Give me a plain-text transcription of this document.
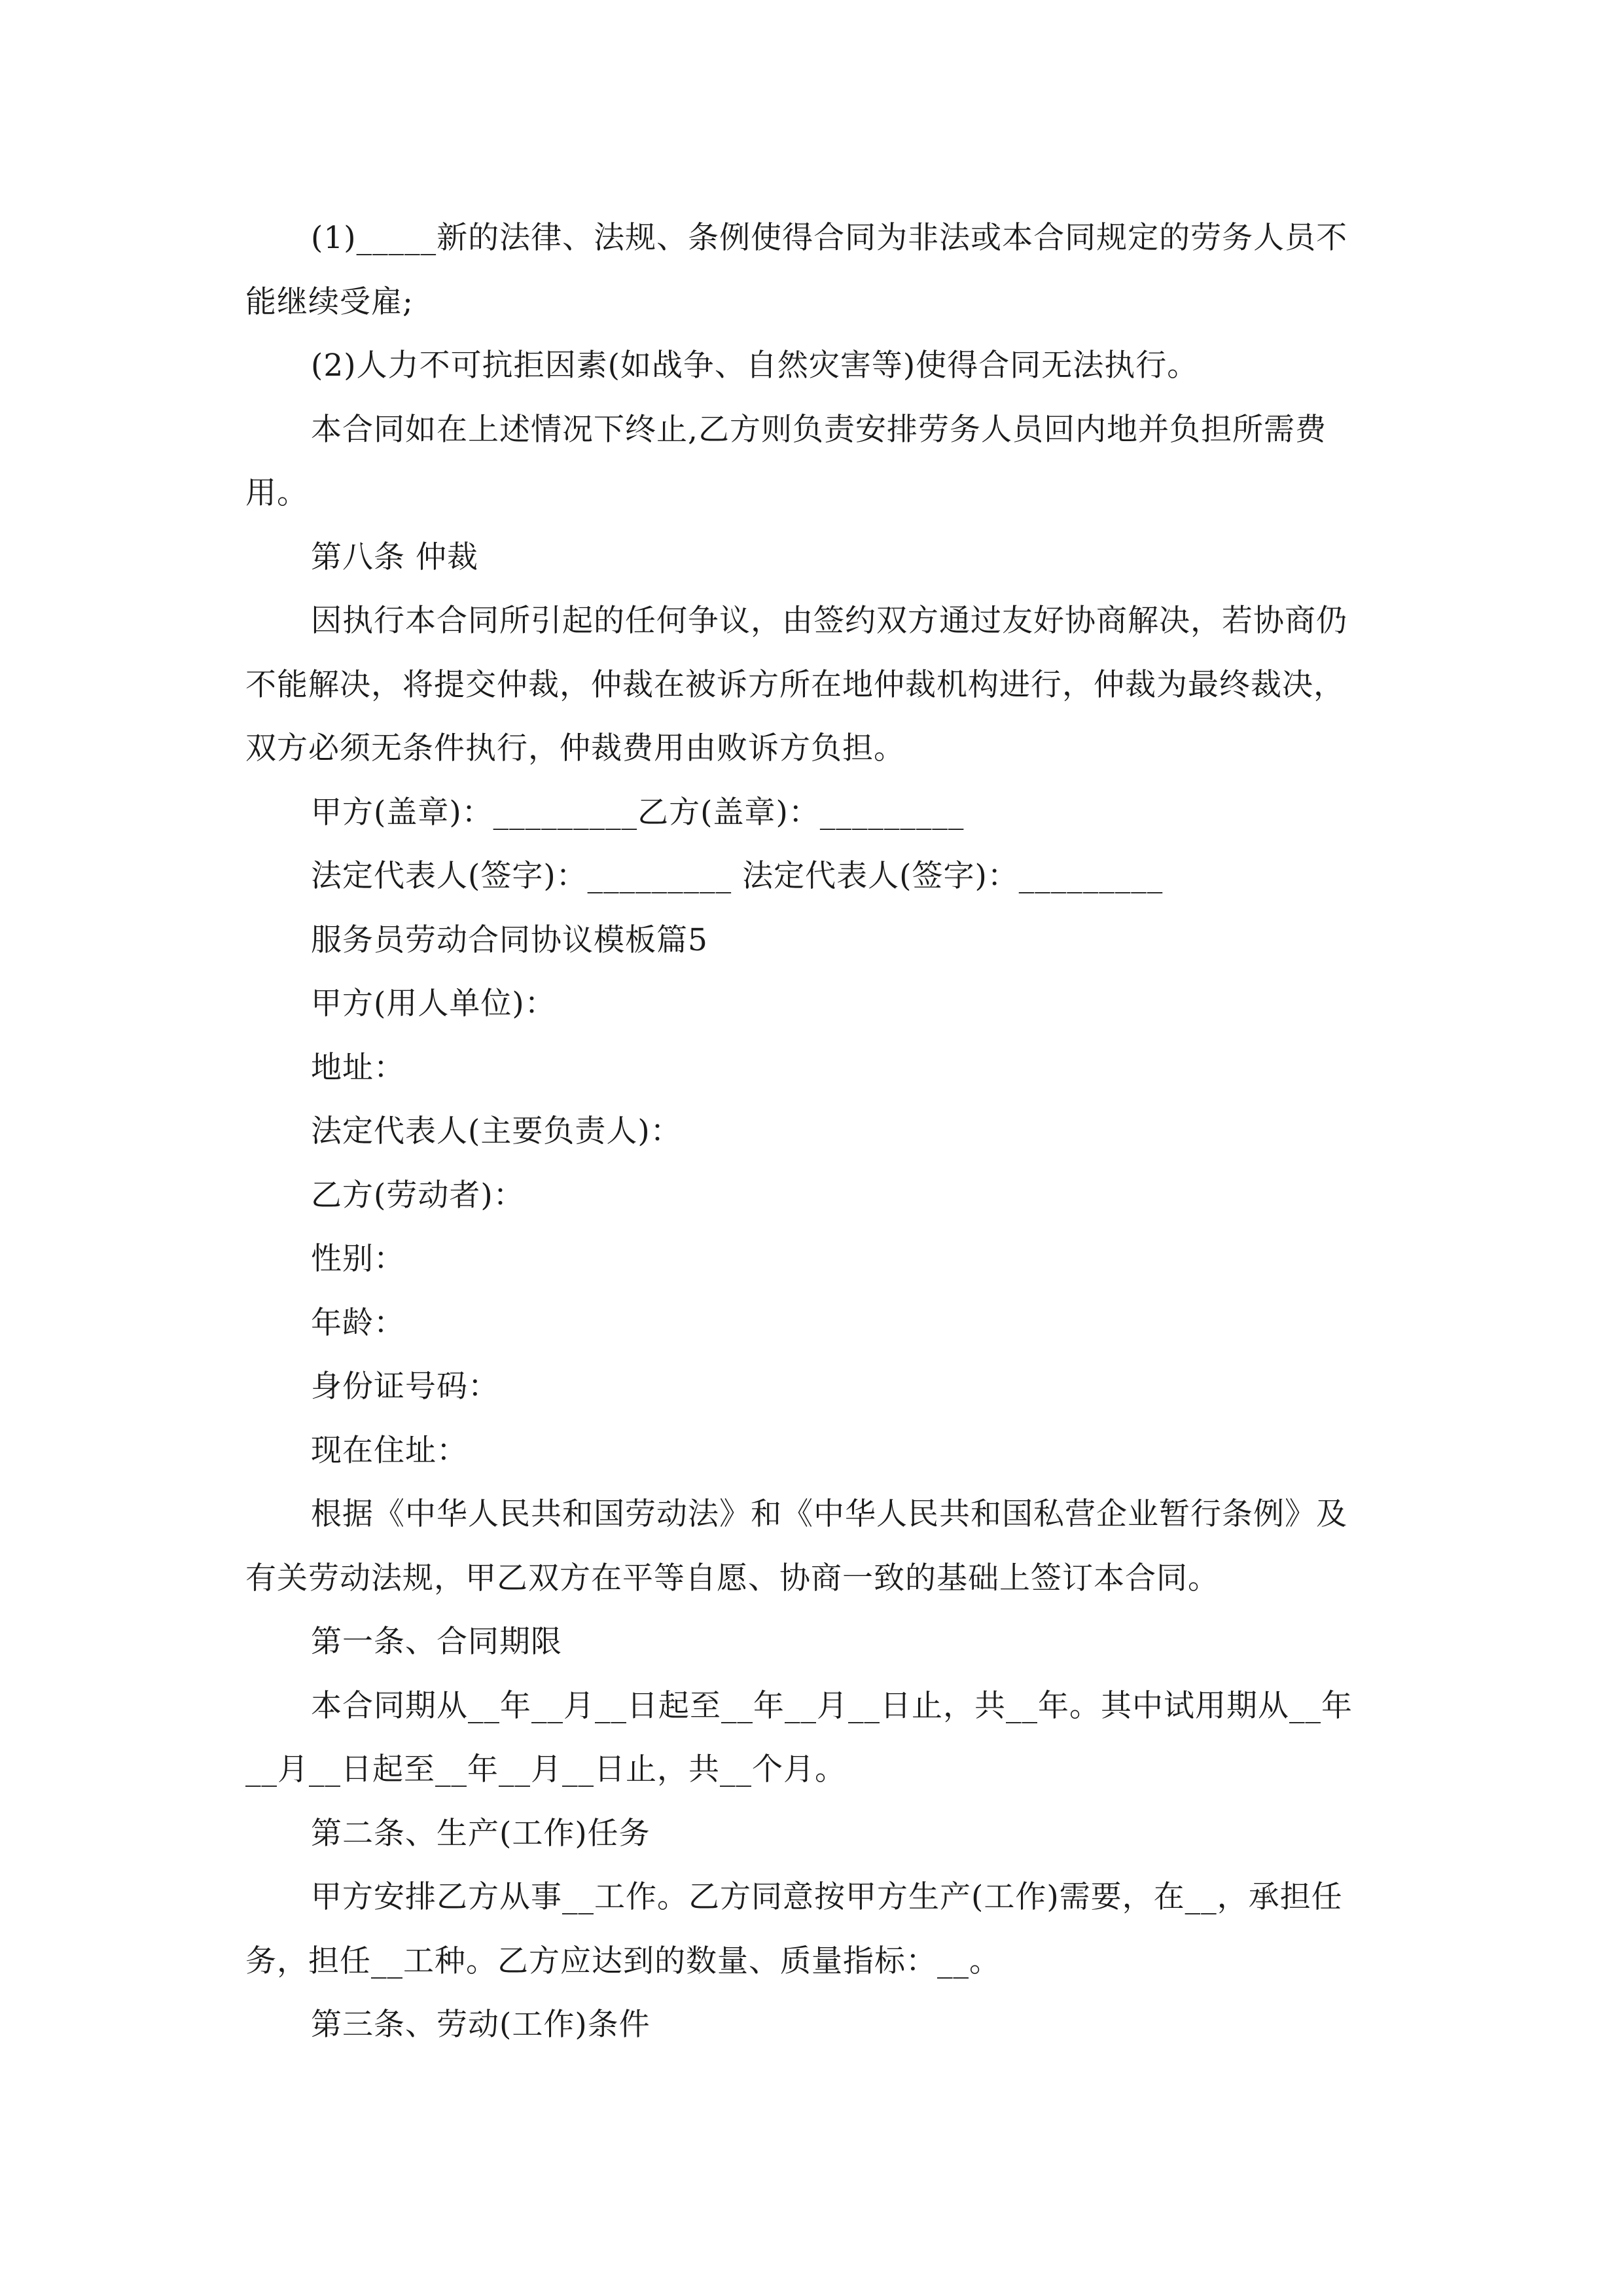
(1)_____新的法律、法规、条例使得合同为非法或本合同规定的劳务人员不
能继续受雇;
(2)人力不可抗拒因素(如战争、自然灾害等)使得合同无法执行。
本合同如在上述情况下终止,乙方则负责安排劳务人员回内地并负担所需费
用。
第八条 仲裁
因执行本合同所引起的任何争议，由签约双方通过友好协商解决，若协商仍
不能解决，将提交仲裁，仲裁在被诉方所在地仲裁机构进行，仲裁为最终裁决，
双方必须无条件执行，仲裁费用由败诉方负担。
甲方(盖章)：_________乙方(盖章)：_________
法定代表人(签字)：_________ 法定代表人(签字)：_________
服务员劳动合同协议模板篇5
甲方(用人单位)：
地址：
法定代表人(主要负责人)：
乙方(劳动者)：
性别：
年龄：
身份证号码：
现在住址：
根据《中华人民共和国劳动法》和《中华人民共和国私营企业暂行条例》及
有关劳动法规，甲乙双方在平等自愿、协商一致的基础上签订本合同。
第一条、合同期限
本合同期从__年__月__日起至__年__月__日止，共__年。其中试用期从__年
__月__日起至__年__月__日止，共__个月。
第二条、生产(工作)任务
甲方安排乙方从事__工作。乙方同意按甲方生产(工作)需要，在__，承担任
务，担任__工种。乙方应达到的数量、质量指标：__。
第三条、劳动(工作)条件
